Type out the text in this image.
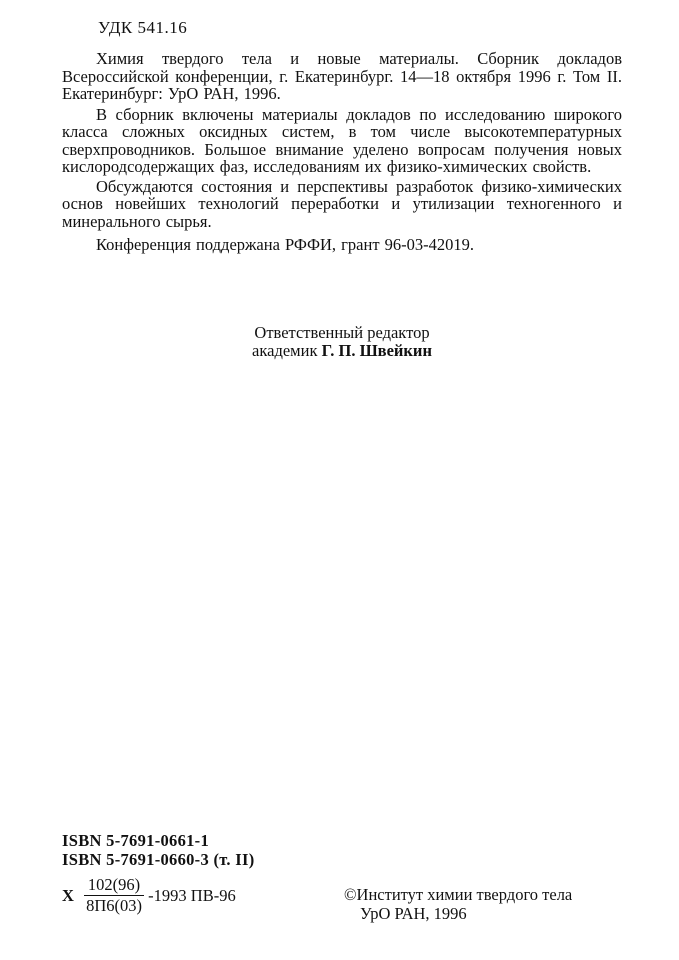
УДК 541.16

Химия твердого тела и новые материалы. Сборник докладов Всероссийской конференции, г. Екатеринбург. 14—18 октября 1996 г. Том II. Екатеринбург: УрО РАН, 1996.

В сборник включены материалы докладов по исследованию широкого класса сложных оксидных систем, в том числе высокотемпературных сверхпроводников. Большое внимание уделено вопросам получения новых кислородсодержащих фаз, исследованиям их физико-химических свойств.

Обсуждаются состояния и перспективы разработок физико-химических основ новейших технологий переработки и утилизации техногенного и минерального сырья.

Конференция поддержана РФФИ, грант 96-03-42019.

Ответственный редактор
академик Г. П. Швейкин
ISBN 5-7691-0661-1
ISBN 5-7691-0660-3 (т. II)
Х $\frac{102(96)}{8П6(03)} -1993$ ПВ-96	©Институт химии твердого тела
УрО РАН, 1996
